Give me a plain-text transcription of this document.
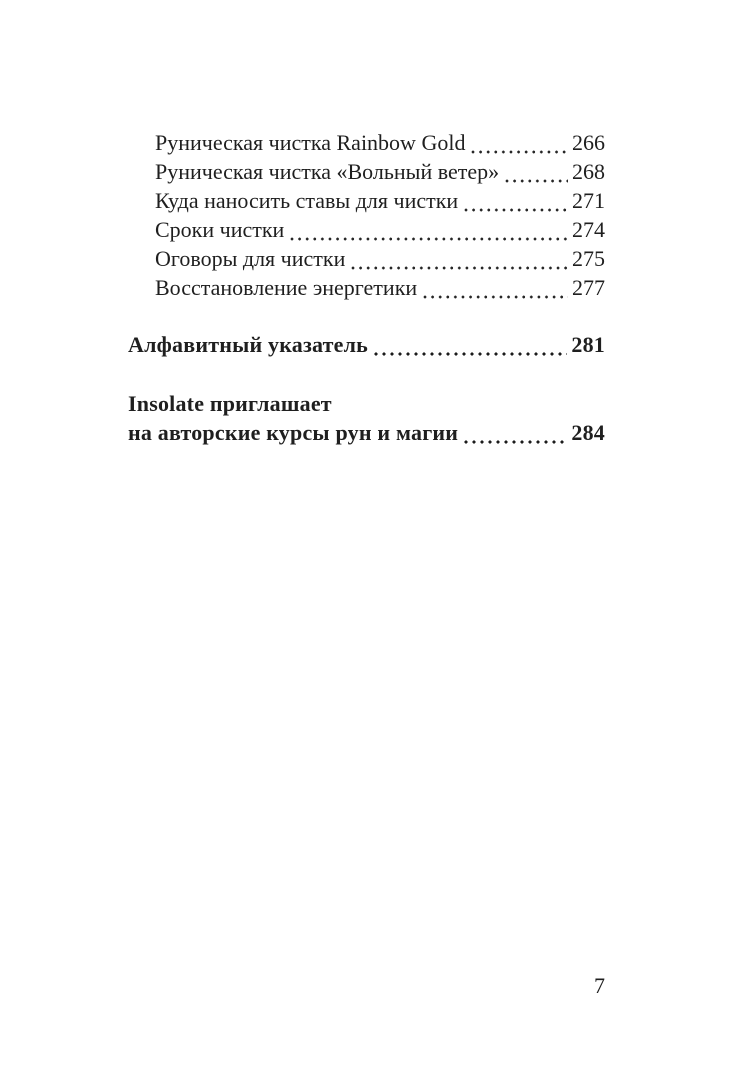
Руническая чистка Rainbow Gold	266
Руническая чистка «Вольный ветер»	268
Куда наносить ставы для чистки	271
Сроки чистки	274
Оговоры для чистки	275
Восстановление энергетики	277
Алфавитный указатель	281
Insolate приглашает
на авторские курсы рун и магии	284
7
